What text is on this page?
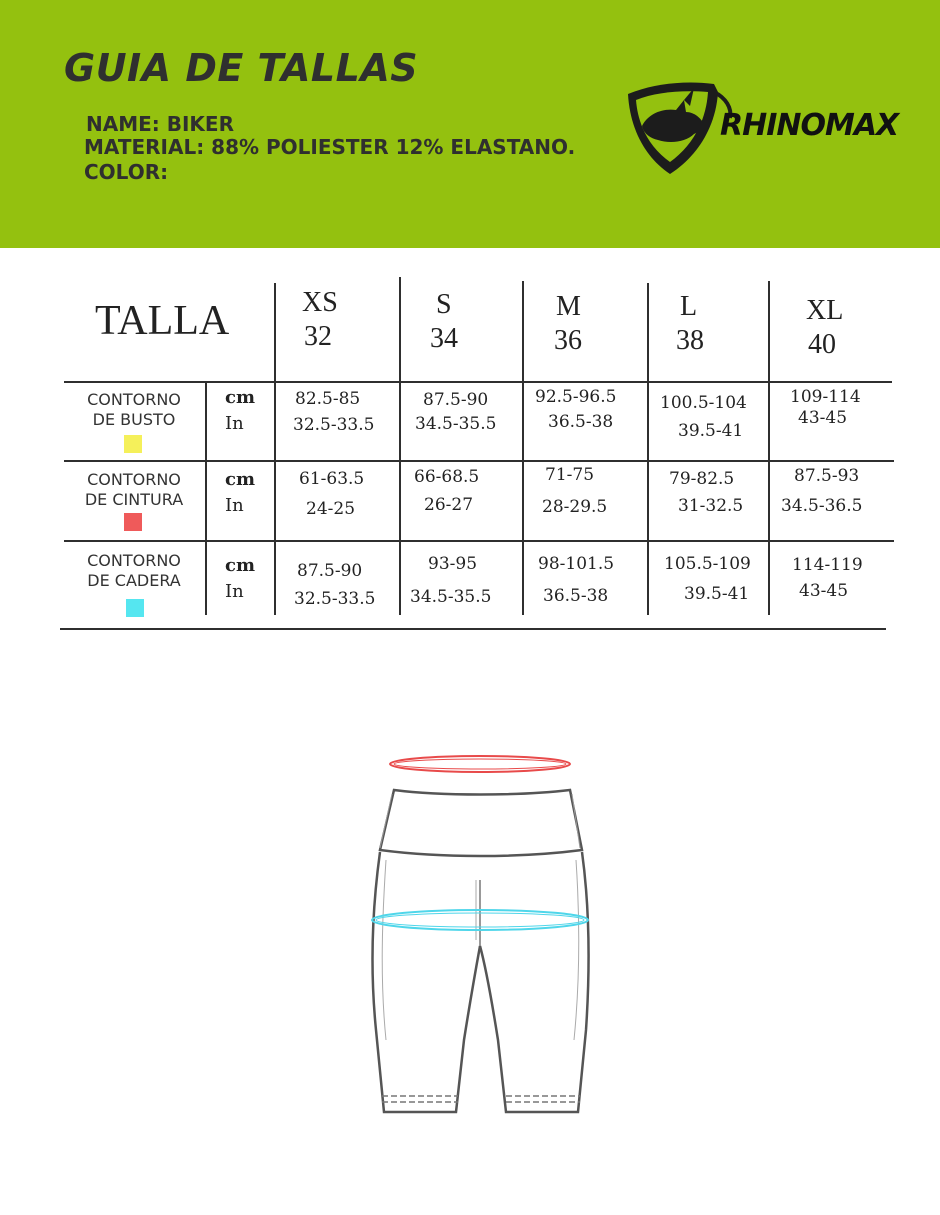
GUIA DE TALLAS
NAME: BIKER
MATERIAL: 88% POLIESTER 12% ELASTANO.
COLOR:
RHINOMAX
TALLA	XS
32
S
34
M
36
L
38
XL
40
CONTORNO
DE BUSTO
cm
In
82.5-85
32.5-33.5
87.5-90
34.5-35.5
92.5-96.5
36.5-38
100.5-104
39.5-41
109-114
43-45
CONTORNO
DE CINTURA
cm
In
61-63.5
24-25
66-68.5
26-27
71-75
28-29.5
79-82.5
31-32.5
87.5-93
34.5-36.5
CONTORNO
DE CADERA
cm
In
87.5-90
32.5-33.5
93-95
34.5-35.5
98-101.5
36.5-38
105.5-109
39.5-41
114-119
43-45
